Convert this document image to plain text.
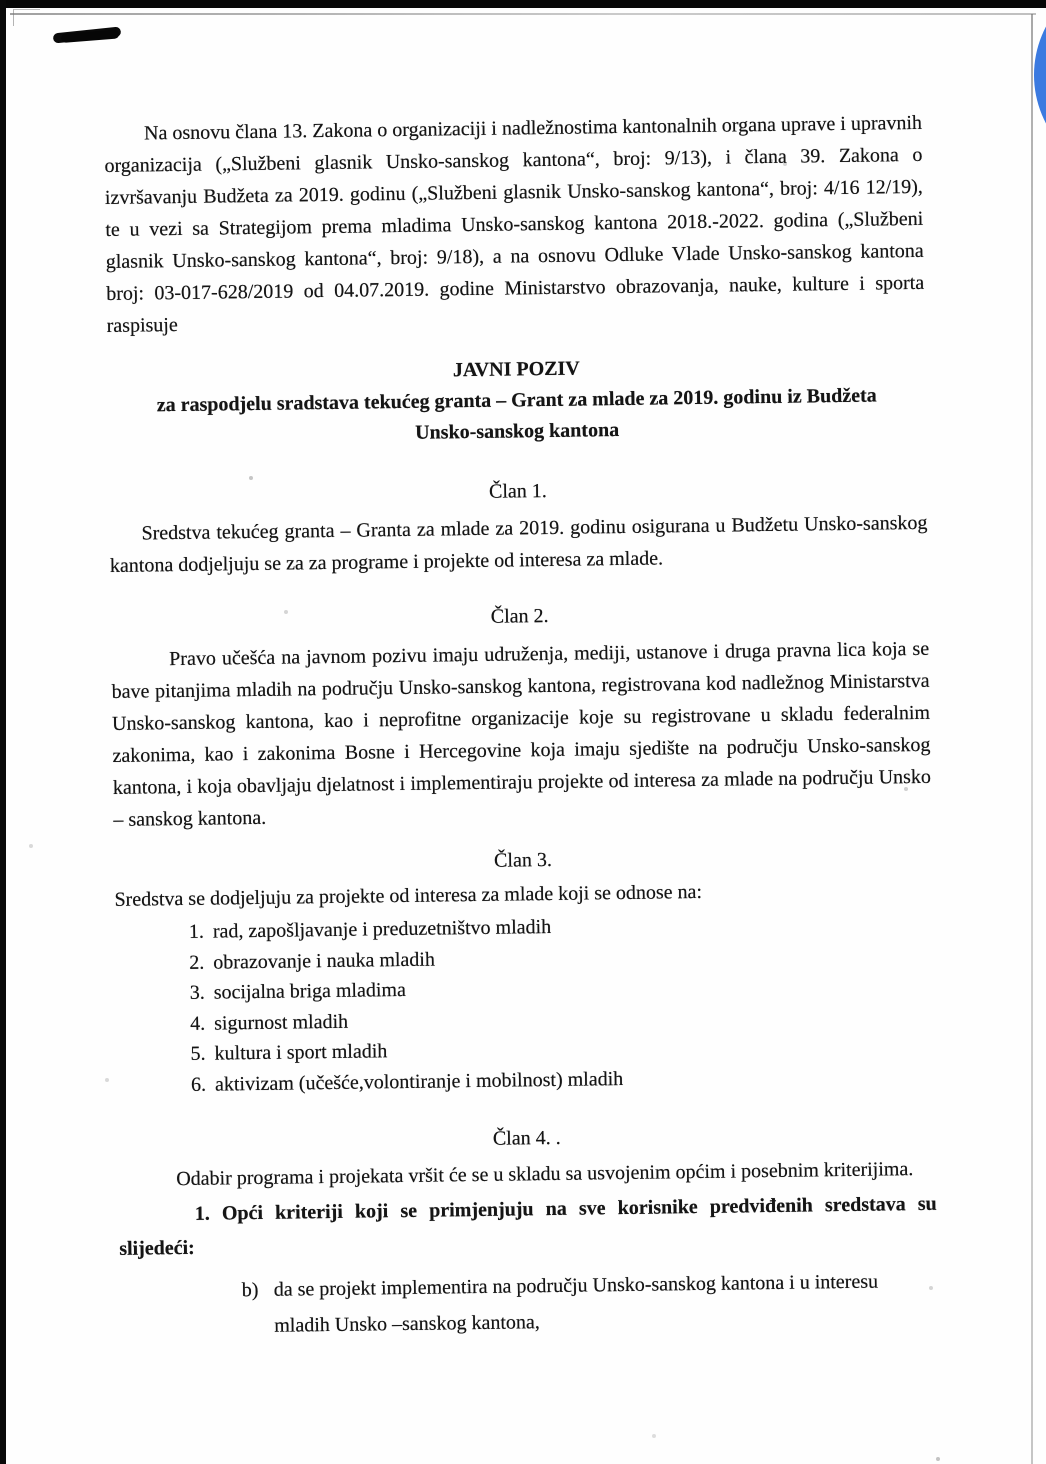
Na osnovu člana 13. Zakona o organizaciji i nadležnostima kantonalnih organa uprave i upravnih organizacija („Službeni glasnik Unsko-sanskog kantona“, broj: 9/13), i člana 39. Zakona o izvršavanju Budžeta za 2019. godinu („Službeni glasnik Unsko-sanskog kantona“, broj: 4/16 12/19), te u vezi sa Strategijom prema mladima Unsko-sanskog kantona 2018.-2022. godina („Službeni glasnik Unsko-sanskog kantona“, broj: 9/18), a na osnovu Odluke Vlade Unsko-sanskog kantona broj: 03-017-628/2019 od 04.07.2019. godine Ministarstvo obrazovanja, nauke, kulture i sporta raspisuje

JAVNI POZIV
za raspodjelu sradstava tekućeg granta – Grant za mlade za 2019. godinu iz Budžeta
Unsko-sanskog kantona

Član 1.

Sredstva tekućeg granta – Granta za mlade za 2019. godinu osigurana u Budžetu Unsko-sanskog kantona dodjeljuju se za za programe i projekte od interesa za mlade.

Član 2.

Pravo učešća na javnom pozivu imaju udruženja, mediji, ustanove i druga pravna lica koja se bave pitanjima mladih na području Unsko-sanskog kantona, registrovana kod nadležnog Ministarstva Unsko-sanskog kantona, kao i neprofitne organizacije koje su registrovane u skladu federalnim zakonima, kao i zakonima Bosne i Hercegovine koja imaju sjedište na području Unsko-sanskog kantona, i koja obavljaju djelatnost i implementiraju projekte od interesa za mlade na području Unsko – sanskog kantona.

Član 3.

Sredstva se dodjeljuju za projekte od interesa za mlade koji se odnose na:

1. rad, zapošljavanje i preduzetništvo mladih
2. obrazovanje i nauka mladih
3. socijalna briga mladima
4. sigurnost mladih
5. kultura i sport mladih
6. aktivizam (učešće,volontiranje i mobilnost) mladih

Član 4. .

Odabir programa i projekata vršit će se u skladu sa usvojenim općim i posebnim kriterijima.

1. Opći kriteriji koji se primjenjuju na sve korisnike predviđenih sredstava su slijedeći:

b) da se projekt implementira na području Unsko-sanskog kantona i u interesu mladih Unsko –sanskog kantona,
